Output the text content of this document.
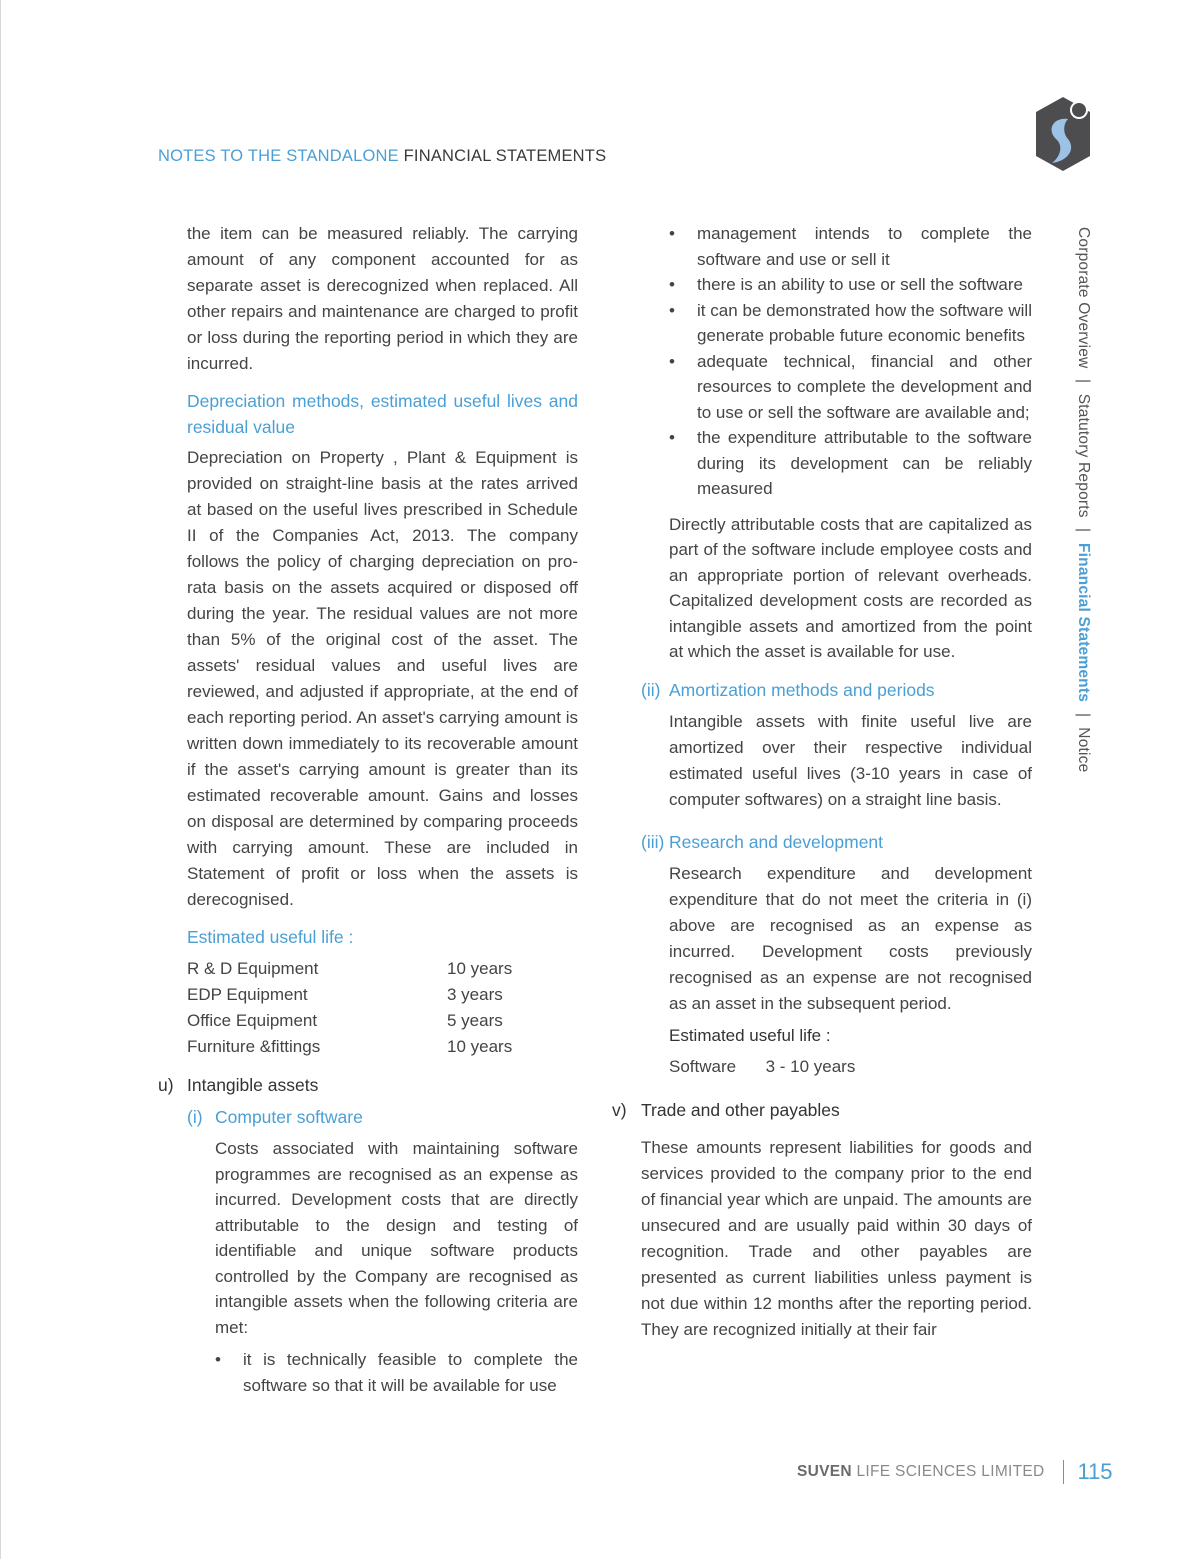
NOTES TO THE STANDALONE FINANCIAL STATEMENTS

the item can be measured reliably. The carrying amount of any component accounted for as separate asset is derecognized when replaced. All other repairs and maintenance are charged to profit or loss during the reporting period in which they are incurred.

Depreciation methods, estimated useful lives and residual value

Depreciation on Property , Plant & Equipment is provided on straight-line basis at the rates arrived at based on the useful lives prescribed in Schedule II of the Companies Act, 2013. The company follows the policy of charging depreciation on pro-rata basis on the assets acquired or disposed off during the year. The residual values are not more than 5% of the original cost of the asset. The assets' residual values and useful lives are reviewed, and adjusted if appropriate, at the end of each reporting period. An asset's carrying amount is written down immediately to its recoverable amount if the asset's carrying amount is greater than its estimated recoverable amount. Gains and losses on disposal are determined by comparing proceeds with carrying amount. These are included in Statement of profit or loss when the assets is derecognised.

Estimated useful life :

R & D Equipment	10 years
EDP Equipment	3 years
Office Equipment	5 years
Furniture &fittings	10 years
u) Intangible assets
(i) Computer software

Costs associated with maintaining software programmes are recognised as an expense as incurred. Development costs that are directly attributable to the design and testing of identifiable and unique software products controlled by the Company are recognised as intangible assets when the following criteria are met:

• it is technically feasible to complete the software so that it will be available for use
• management intends to complete the software and use or sell it
• there is an ability to use or sell the software
• it can be demonstrated how the software will generate probable future economic benefits
• adequate technical, financial and other resources to complete the development and to use or sell the software are available and;
• the expenditure attributable to the software during its development can be reliably measured

Directly attributable costs that are capitalized as part of the software include employee costs and an appropriate portion of relevant overheads. Capitalized development costs are recorded as intangible assets and amortized from the point at which the asset is available for use.

(ii) Amortization methods and periods

Intangible assets with finite useful live are amortized over their respective individual estimated useful lives (3-10 years in case of computer softwares) on a straight line basis.

(iii) Research and development

Research expenditure and development expenditure that do not meet the criteria in (i) above are recognised as an expense as incurred. Development costs previously recognised as an expense are not recognised as an asset in the subsequent period.

Estimated useful life :

Software 3 - 10 years

v) Trade and other payables

These amounts represent liabilities for goods and services provided to the company prior to the end of financial year which are unpaid. The amounts are unsecured and are usually paid within 30 days of recognition. Trade and other payables are presented as current liabilities unless payment is not due within 12 months after the reporting period. They are recognized initially at their fair

Corporate Overview | Statutory Reports | Financial Statements | Notice
SUVEN LIFE SCIENCES LIMITED 115
